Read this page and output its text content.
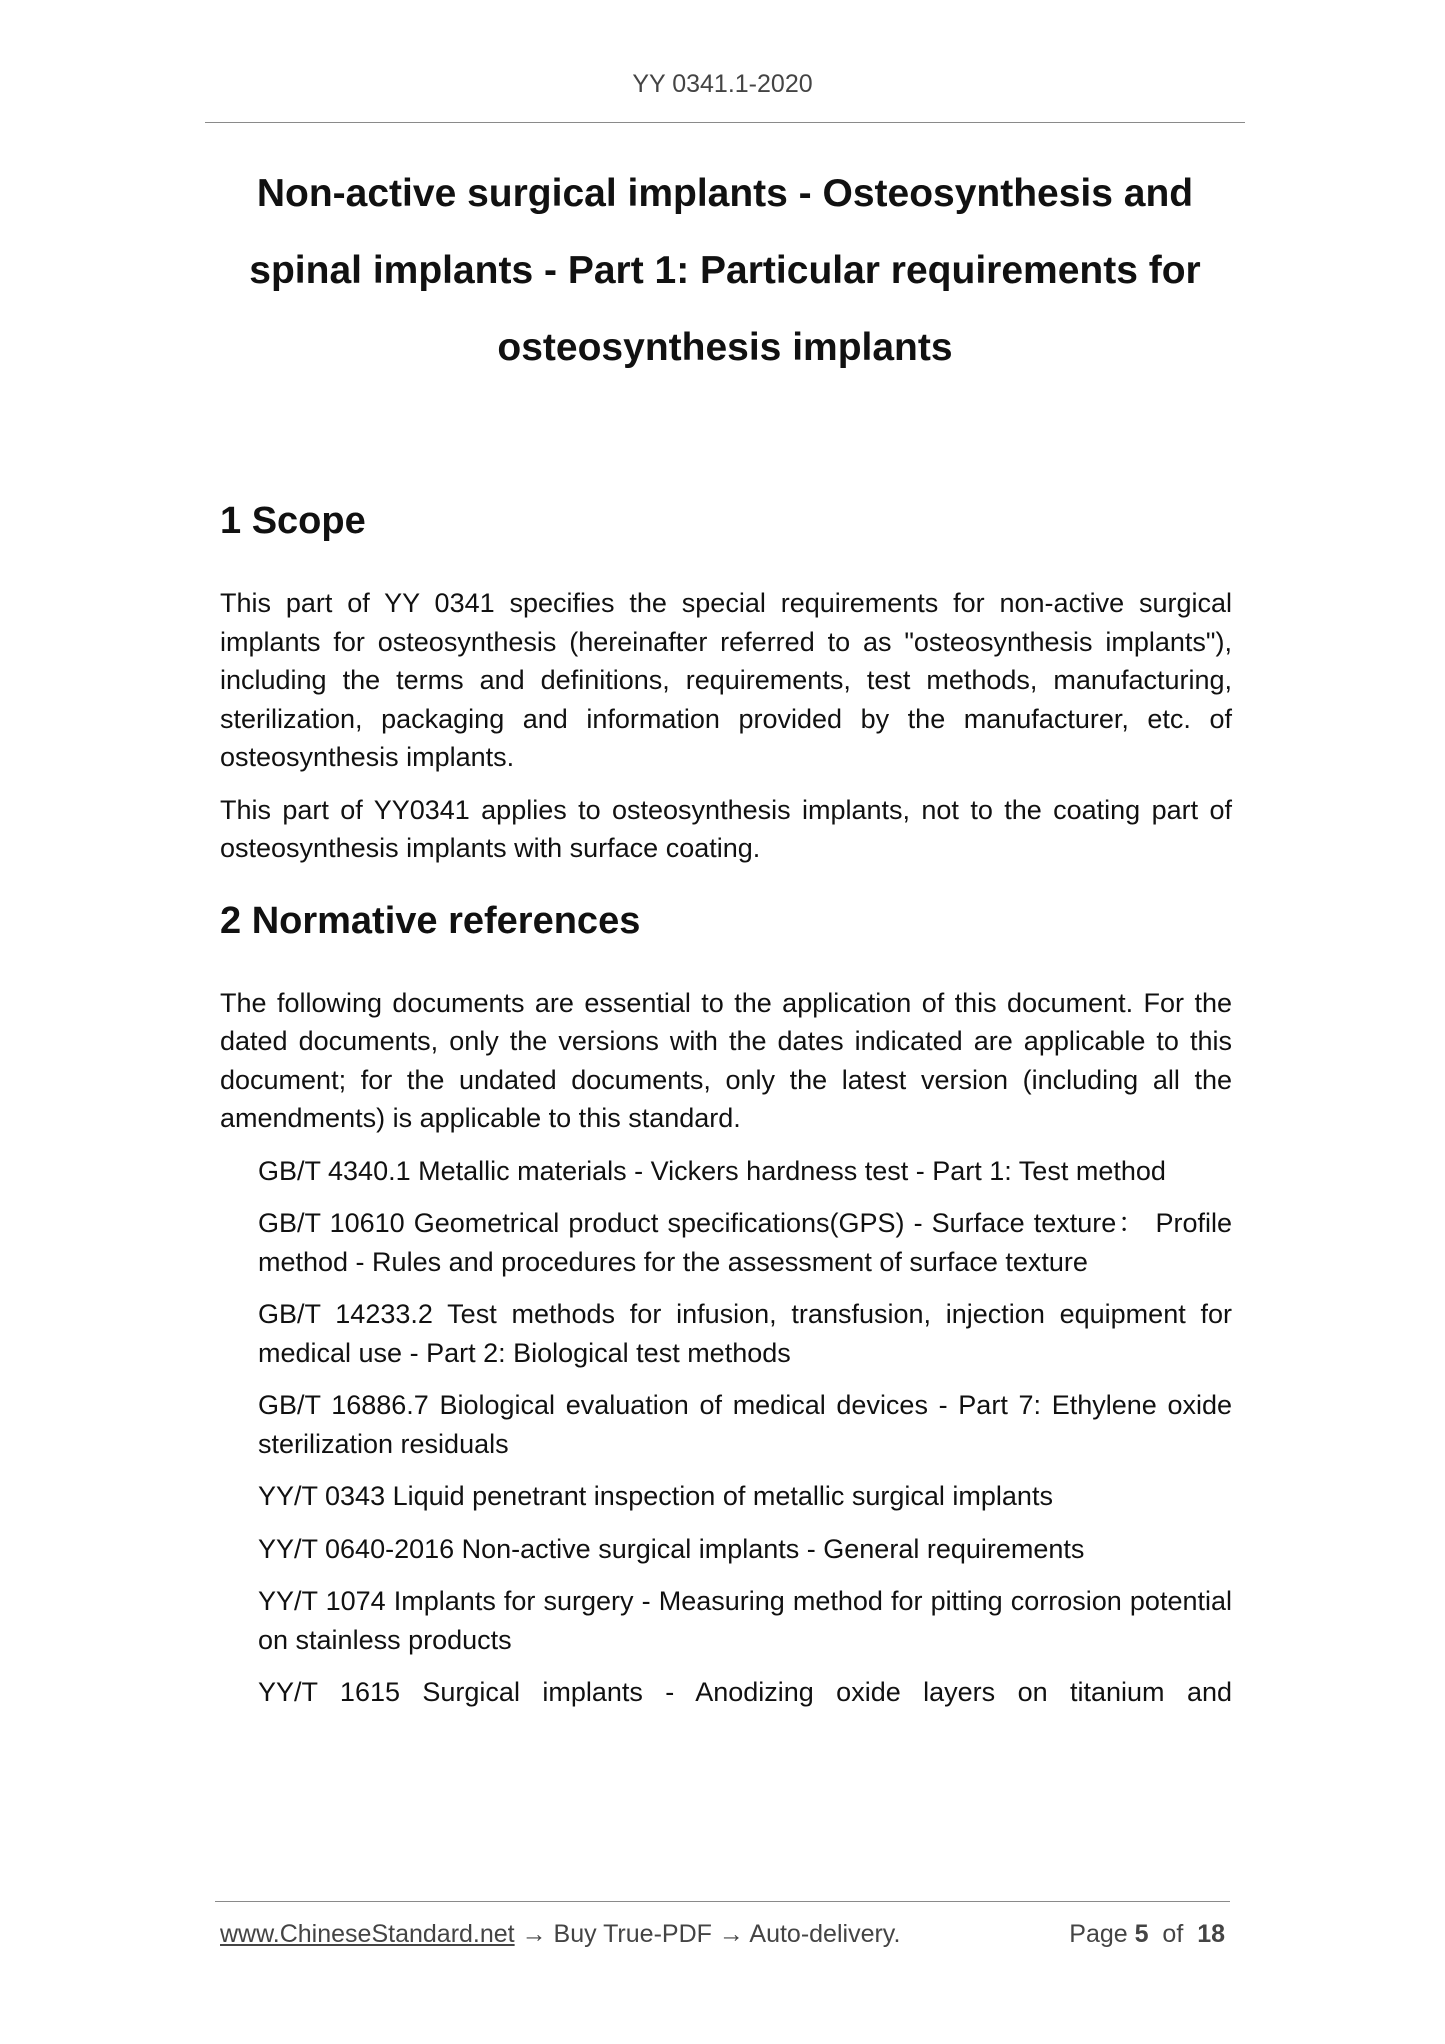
YY 0341.1-2020
Non-active surgical implants - Osteosynthesis and spinal implants - Part 1: Particular requirements for osteosynthesis implants
1 Scope

This part of YY 0341 specifies the special requirements for non-active surgical implants for osteosynthesis (hereinafter referred to as "osteosynthesis implants"), including the terms and definitions, requirements, test methods, manufacturing, sterilization, packaging and information provided by the manufacturer, etc. of osteosynthesis implants.

This part of YY0341 applies to osteosynthesis implants, not to the coating part of osteosynthesis implants with surface coating.

2 Normative references

The following documents are essential to the application of this document. For the dated documents, only the versions with the dates indicated are applicable to this document; for the undated documents, only the latest version (including all the amendments) is applicable to this standard.

GB/T 4340.1 Metallic materials - Vickers hardness test - Part 1: Test method

GB/T 10610 Geometrical product specifications(GPS) - Surface texture： Profile method - Rules and procedures for the assessment of surface texture

GB/T 14233.2 Test methods for infusion, transfusion, injection equipment for medical use - Part 2: Biological test methods

GB/T 16886.7 Biological evaluation of medical devices - Part 7: Ethylene oxide sterilization residuals

YY/T 0343 Liquid penetrant inspection of metallic surgical implants

YY/T 0640-2016 Non-active surgical implants - General requirements

YY/T 1074 Implants for surgery - Measuring method for pitting corrosion potential on stainless products

YY/T 1615 Surgical implants - Anodizing oxide layers on titanium and

www.ChineseStandard.net → Buy True-PDF → Auto-delivery.	Page 5 of 18
